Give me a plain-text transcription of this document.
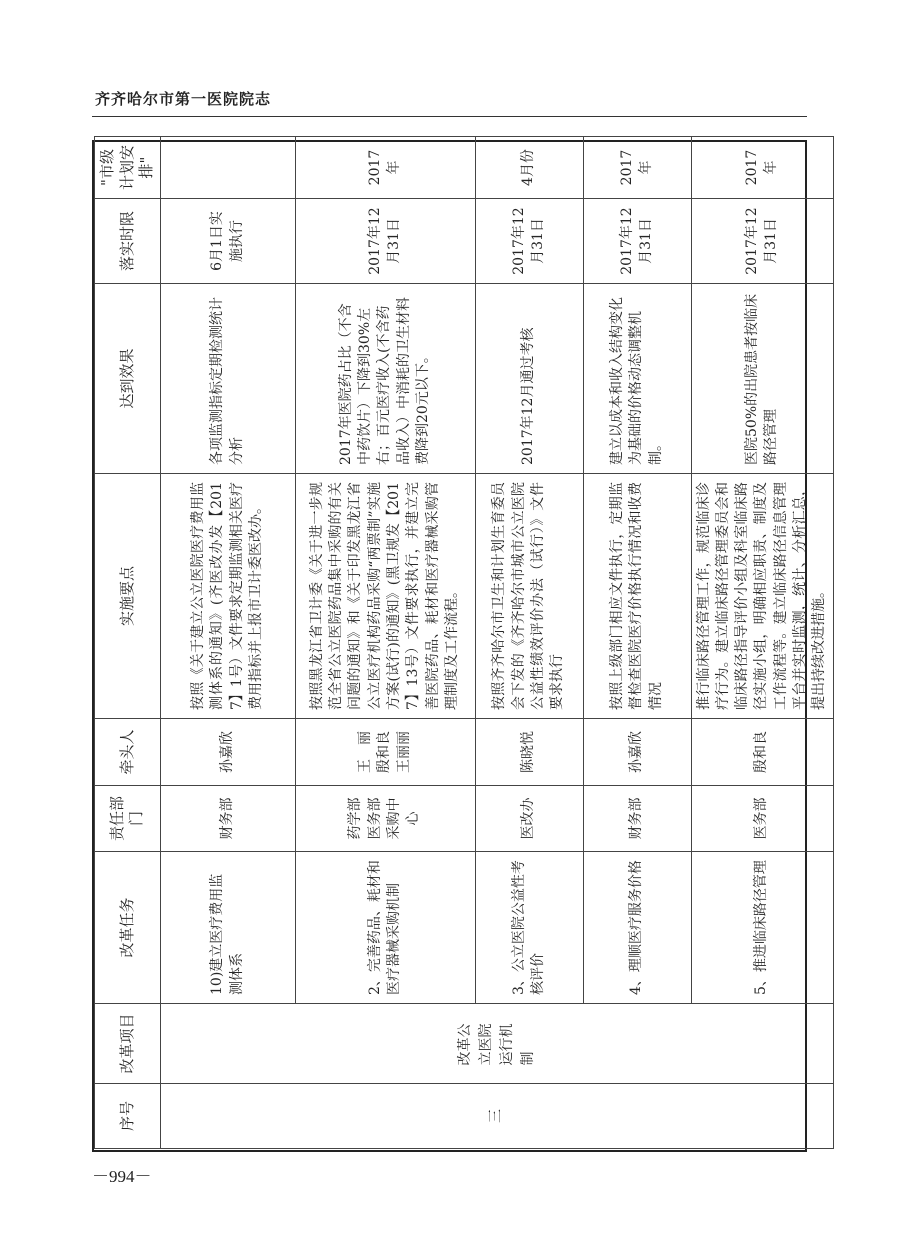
齐齐哈尔市第一医院院志
序号	改革项目	改革任务	责任部门	牵头人	实施要点	达到效果	落实时限	"市级计划安排"
三	改革公立医院运行机制	10)建立医疗费用监测体系	财务部	孙嘉欣	按照《关于建立公立医院医疗费用监测体系的通知》(齐医改办发【2017】1号）文件要求定期监测相关医疗费用指标并上报市卫计委医改办。	各项监测指标定期检测统计分析	6月1日实施执行	
		2、完善药品、耗材和医疗器械采购机制	药学部医务部采购中心	王　丽 殷和良 王丽丽	按照黑龙江省卫计委《关于进一步规范全省公立医院药品集中采购的有关问题的通知》和《关于印发黑龙江省公立医疗机构药品采购“两票制”实施方案(试行)的通知》(黑卫规发【2017】13号）文件要求执行，并建立完善医院药品、耗材和医疗器械采购管理制度及工作流程。	2017年医院药占比（不含中药饮片）下降到30%左右；百元医疗收入(不含药品收入）中消耗的卫生材料费降到20元以下。	2017年12月31日	2017年
		3、公立医院公益性考核评价	医改办	陈晓悦	按照齐齐哈尔市卫生和计划生育委员会下发的《齐齐哈尔市城市公立医院公益性绩效评价办法（试行）》文件要求执行	2017年12月通过考核	2017年12月31日	4月份
		4、理顺医疗服务价格	财务部	孙嘉欣	按照上级部门相应文件执行，定期监督检查医院医疗价格执行情况和收费情况	建立以成本和收入结构变化为基础的价格动态调整机制。	2017年12月31日	2017年
		5、推进临床路径管理	医务部	殷和良	推行临床路径管理工作，规范临床诊疗行为。建立临床路径管理委员会和临床路径指导评价小组及科室临床路径实施小组，明确相应职责、制度及工作流程等。建立临床路径信息管理平台并实时监测，统计、分析汇总，提出持续改进措施。	医院50%的出院患者按临床路径管理	2017年12月31日	2017年
－994－
